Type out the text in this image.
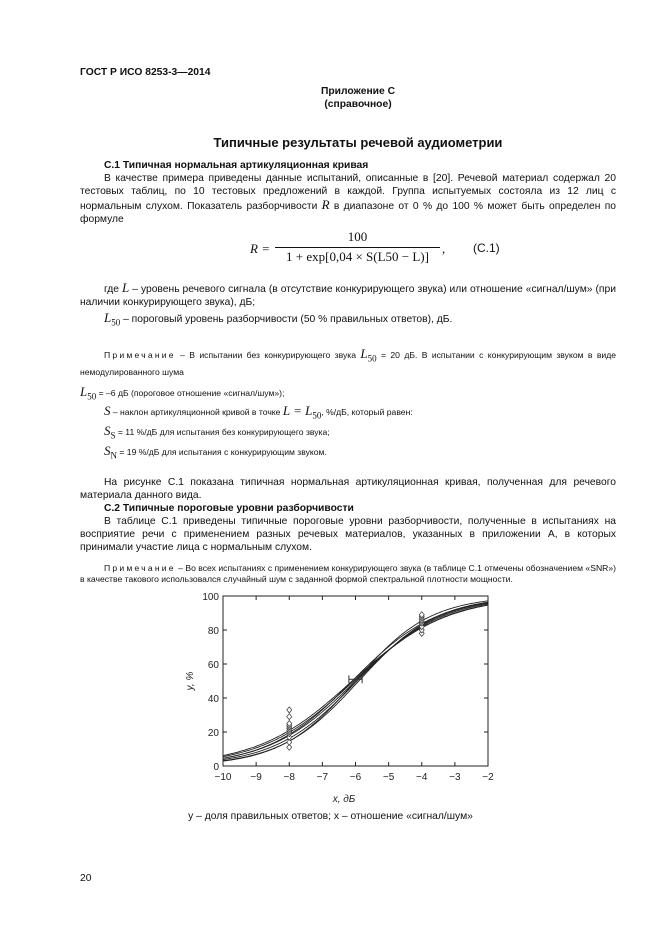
ГОСТ Р ИСО 8253-3—2014
Приложение С
(справочное)
Типичные результаты речевой аудиометрии
С.1 Типичная нормальная артикуляционная кривая
В качестве примера приведены данные испытаний, описанные в [20]. Речевой материал содержал 20 тестовых таблиц, по 10 тестовых предложений в каждой. Группа испытуемых состояла из 12 лиц с нормальным слухом. Показатель разборчивости R в диапазоне от 0 % до 100 % может быть определен по формуле
R =
100
1 + exp[0,04 × S(L50 − L)]
, (С.1)
где L – уровень речевого сигнала (в отсутствие конкурирующего звука) или отношение «сигнал/шум» (при наличии конкурирующего звука), дБ;
$L_{50}$ – пороговый уровень разборчивости (50 % правильных ответов), дБ.
Примечание – В испытании без конкурирующего звука $L_{50} = 20$ дБ. В испытании с конкурирующим звуком в виде немодулированного шума
$L_{50} = -6$ дБ (пороговое отношение «сигнал/шум»);
S – наклон артикуляционной кривой в точке $L = L_{50}$, %/дБ, который равен:
$S_S = 11$ %/дБ для испытания без конкурирующего звука;
$S_N = 19$ %/дБ для испытания с конкурирующим звуком.
На рисунке С.1 показана типичная нормальная артикуляционная кривая, полученная для речевого материала данного вида.
С.2 Типичные пороговые уровни разборчивости
В таблице С.1 приведены типичные пороговые уровни разборчивости, полученные в испытаниях на восприятие речи с применением разных речевых материалов, указанных в приложении А, в которых принимали участие лица с нормальным слухом.
Примечание – Во всех испытаниях с применением конкурирующего звука (в таблице С.1 отмечены обозначением «SNR») в качестве такового использовался случайный шум с заданной формой спектральной плотности мощности.
−10 −9 −8 −7 −6 −5 −4 −3 −2
0
20
40
60
80
100
x, дБ
y, %
y – доля правильных ответов; x – отношение «сигнал/шум»
20
